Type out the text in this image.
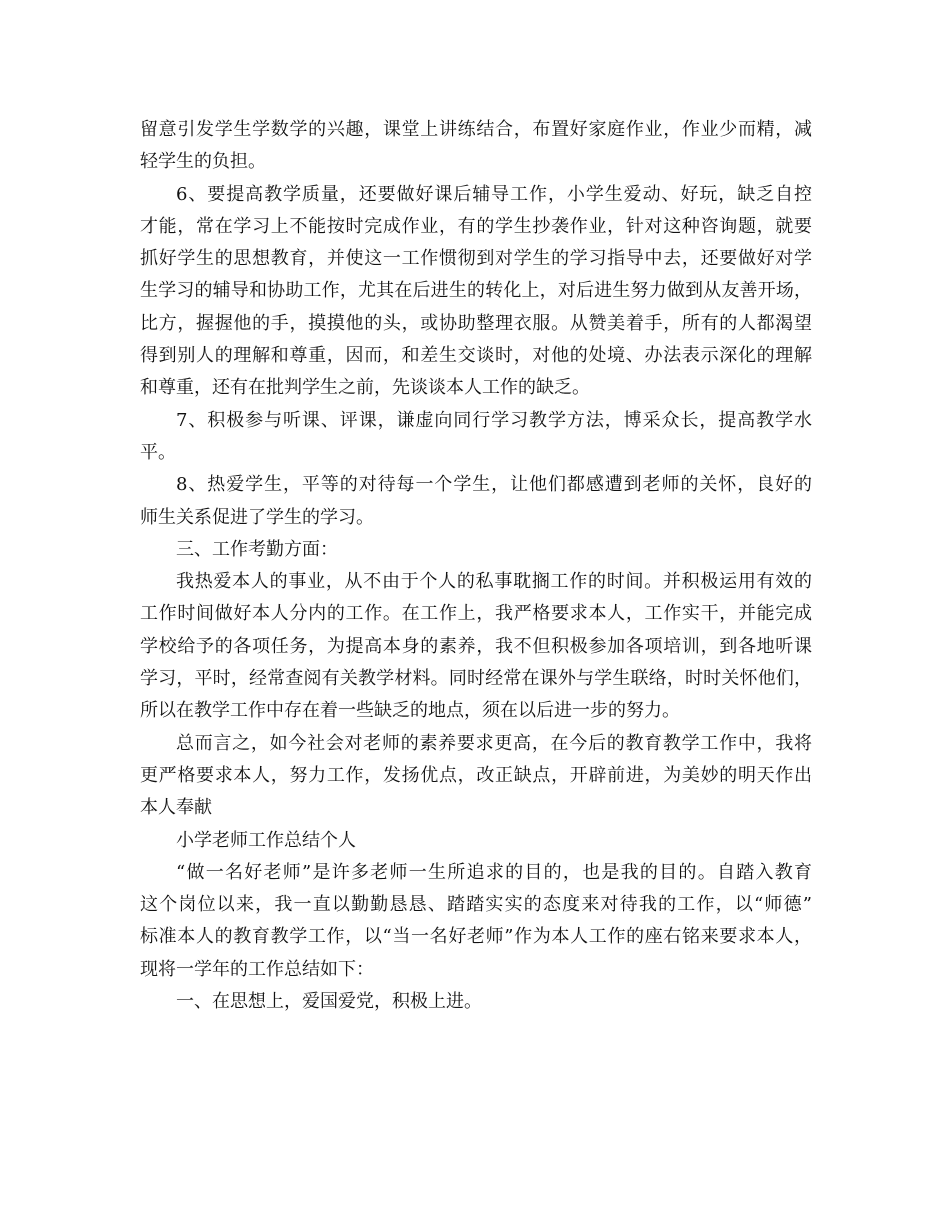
留意引发学生学数学的兴趣，课堂上讲练结合，布置好家庭作业，作业少而精，减
轻学生的负担。
6、要提高教学质量，还要做好课后辅导工作，小学生爱动、好玩，缺乏自控
才能，常在学习上不能按时完成作业，有的学生抄袭作业，针对这种咨询题，就要
抓好学生的思想教育，并使这一工作惯彻到对学生的学习指导中去，还要做好对学
生学习的辅导和协助工作，尤其在后进生的转化上，对后进生努力做到从友善开场，
比方，握握他的手，摸摸他的头，或协助整理衣服。从赞美着手，所有的人都渴望
得到别人的理解和尊重，因而，和差生交谈时，对他的处境、办法表示深化的理解
和尊重，还有在批判学生之前，先谈谈本人工作的缺乏。
7、积极参与听课、评课，谦虚向同行学习教学方法，博采众长，提高教学水
平。
8、热爱学生，平等的对待每一个学生，让他们都感遭到老师的关怀，良好的
师生关系促进了学生的学习。
三、工作考勤方面：
我热爱本人的事业，从不由于个人的私事耽搁工作的时间。并积极运用有效的
工作时间做好本人分内的工作。在工作上，我严格要求本人，工作实干，并能完成
学校给予的各项任务，为提高本身的素养，我不但积极参加各项培训，到各地听课
学习，平时，经常查阅有关教学材料。同时经常在课外与学生联络，时时关怀他们，
所以在教学工作中存在着一些缺乏的地点，须在以后进一步的努力。
总而言之，如今社会对老师的素养要求更高，在今后的教育教学工作中，我将
更严格要求本人，努力工作，发扬优点，改正缺点，开辟前进，为美妙的明天作出
本人奉献
小学老师工作总结个人
“做一名好老师”是许多老师一生所追求的目的，也是我的目的。自踏入教育
这个岗位以来，我一直以勤勤恳恳、踏踏实实的态度来对待我的工作，以“师德”
标准本人的教育教学工作，以“当一名好老师”作为本人工作的座右铭来要求本人，
现将一学年的工作总结如下：
一、在思想上，爱国爱党，积极上进。
